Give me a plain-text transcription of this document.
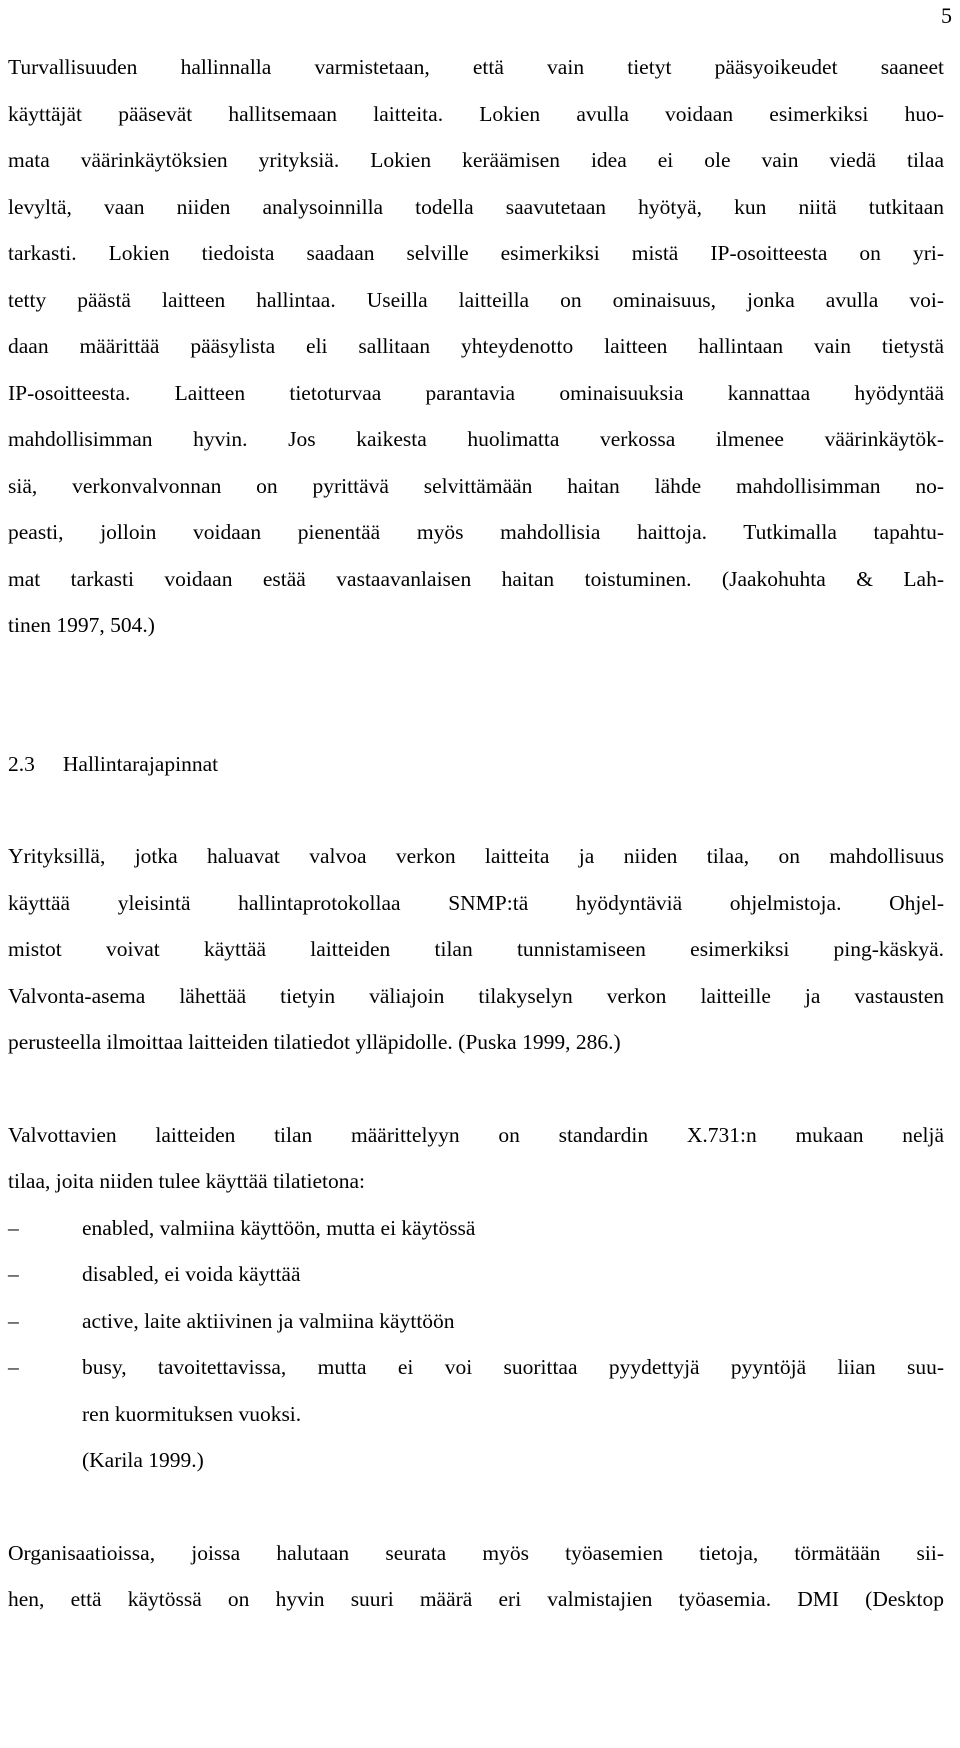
5

Turvallisuuden hallinnalla varmistetaan, että vain tietyt pääsyoikeudet saaneet
käyttäjät pääsevät hallitsemaan laitteita. Lokien avulla voidaan esimerkiksi huo-
mata väärinkäytöksien yrityksiä. Lokien keräämisen idea ei ole vain viedä tilaa
levyltä, vaan niiden analysoinnilla todella saavutetaan hyötyä, kun niitä tutkitaan
tarkasti. Lokien tiedoista saadaan selville esimerkiksi mistä IP-osoitteesta on yri-
tetty päästä laitteen hallintaa. Useilla laitteilla on ominaisuus, jonka avulla voi-
daan määrittää pääsylista eli sallitaan yhteydenotto laitteen hallintaan vain tietystä
IP-osoitteesta. Laitteen tietoturvaa parantavia ominaisuuksia kannattaa hyödyntää
mahdollisimman hyvin. Jos kaikesta huolimatta verkossa ilmenee väärinkäytök-
siä, verkonvalvonnan on pyrittävä selvittämään haitan lähde mahdollisimman no-
peasti, jolloin voidaan pienentää myös mahdollisia haittoja. Tutkimalla tapahtu-
mat tarkasti voidaan estää vastaavanlaisen haitan toistuminen. (Jaakohuhta & Lah-
tinen 1997, 504.)

2.3 Hallintarajapinnat

Yrityksillä, jotka haluavat valvoa verkon laitteita ja niiden tilaa, on mahdollisuus
käyttää yleisintä hallintaprotokollaa SNMP:tä hyödyntäviä ohjelmistoja. Ohjel-
mistot voivat käyttää laitteiden tilan tunnistamiseen esimerkiksi ping-käskyä.
Valvonta-asema lähettää tietyin väliajoin tilakyselyn verkon laitteille ja vastausten
perusteella ilmoittaa laitteiden tilatiedot ylläpidolle. (Puska 1999, 286.)

Valvottavien laitteiden tilan määrittelyyn on standardin X.731:n mukaan neljä
tilaa, joita niiden tulee käyttää tilatietona:

–	enabled, valmiina käyttöön, mutta ei käytössä
–	disabled, ei voida käyttää
–	active, laite aktiivinen ja valmiina käyttöön
–	busy, tavoitettavissa, mutta ei voi suorittaa pyydettyjä pyyntöjä liian suu-
ren kuormituksen vuoksi.

(Karila 1999.)

Organisaatioissa, joissa halutaan seurata myös työasemien tietoja, törmätään sii-
hen, että käytössä on hyvin suuri määrä eri valmistajien työasemia. DMI (Desktop
